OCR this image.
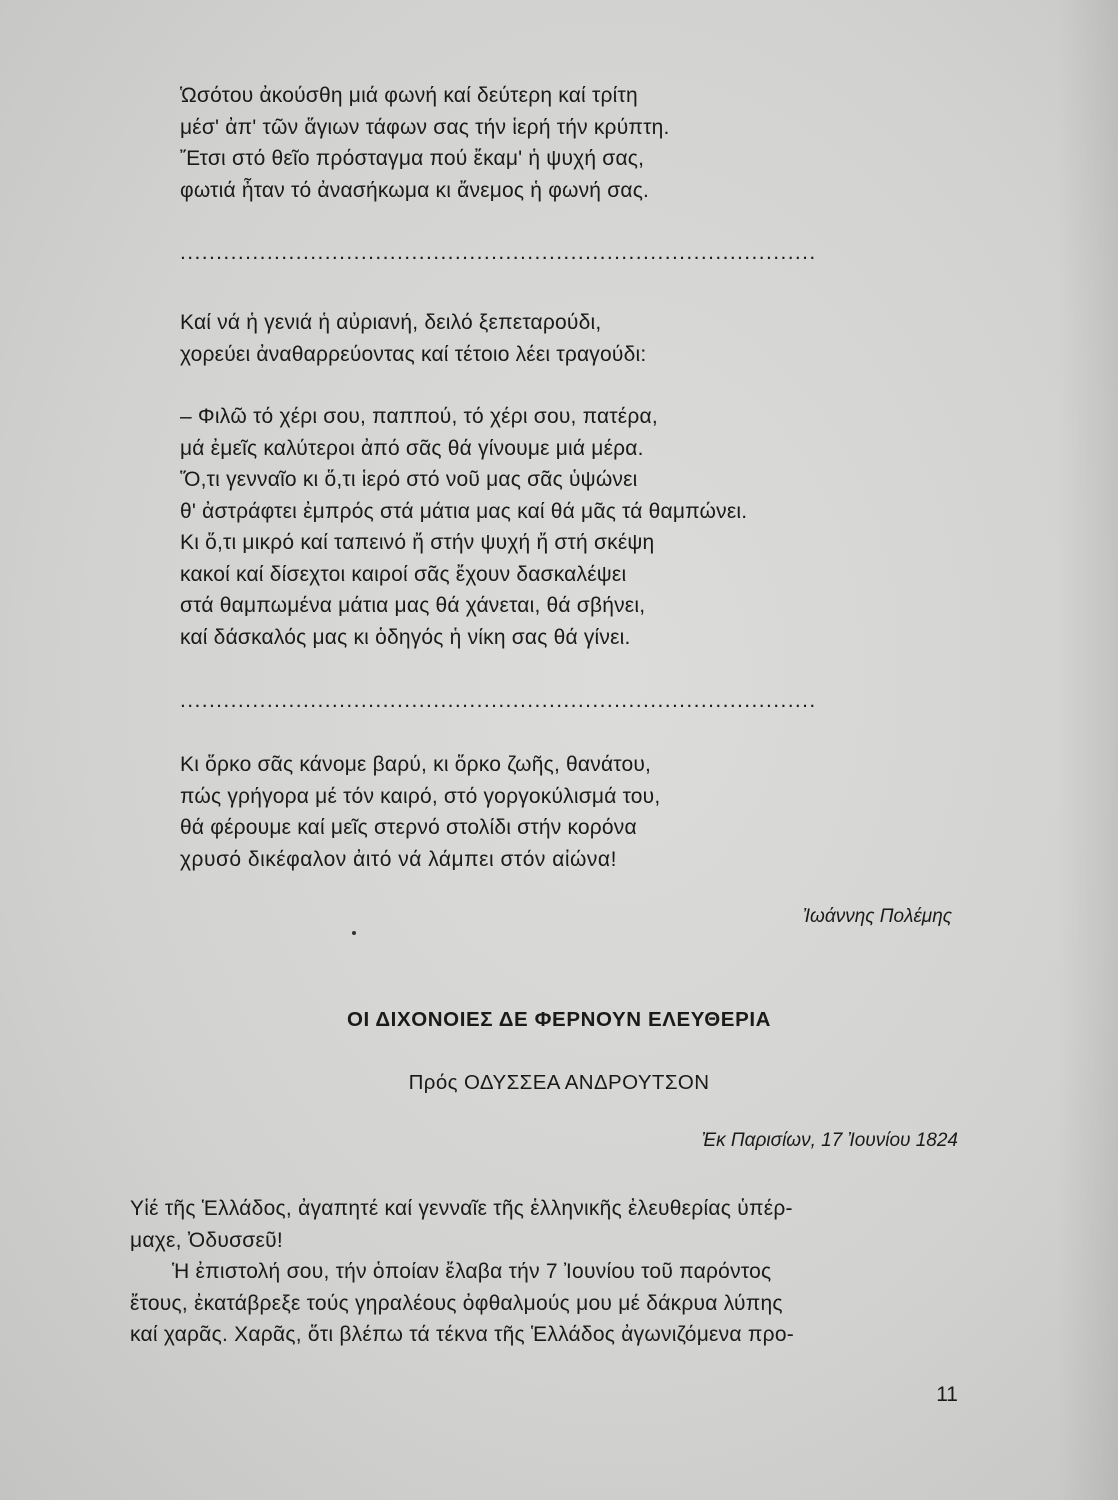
Ὡσότου ἀκούσθη μιά φωνή καί δεύτερη καί τρίτη
μέσ' ἀπ' τῶν ἅγιων τάφων σας τήν ἱερή τήν κρύπτη.
Ἔτσι στό θεῖο πρόσταγμα πού ἔκαμ' ἡ ψυχή σας,
φωτιά ἦταν τό ἀνασήκωμα κι ἄνεμος ἡ φωνή σας.
........................................................................................
Καί νά ἡ γενιά ἡ αὐριανή, δειλό ξεπεταρούδι,
χορεύει ἀναθαρρεύοντας καί τέτοιο λέει τραγούδι:
– Φιλῶ τό χέρι σου, παππού, τό χέρι σου, πατέρα,
μά ἐμεῖς καλύτεροι ἀπό σᾶς θά γίνουμε μιά μέρα.
Ὅ,τι γενναῖο κι ὅ,τι ἱερό στό νοῦ μας σᾶς ὑψώνει
θ' ἀστράφτει ἐμπρός στά μάτια μας καί θά μᾶς τά θαμπώνει.
Κι ὅ,τι μικρό καί ταπεινό ἤ στήν ψυχή ἤ στή σκέψη
κακοί καί δίσεχτοι καιροί σᾶς ἔχουν δασκαλέψει
στά θαμπωμένα μάτια μας θά χάνεται, θά σβήνει,
καί δάσκαλός μας κι ὁδηγός ἡ νίκη σας θά γίνει.
........................................................................................
Κι ὅρκο σᾶς κάνομε βαρύ, κι ὅρκο ζωῆς, θανάτου,
πώς γρήγορα μέ τόν καιρό, στό γοργοκύλισμά του,
θά φέρουμε καί μεῖς στερνό στολίδι στήν κορόνα
χρυσό δικέφαλον ἀιτό νά λάμπει στόν αἰώνα!
Ἰωάννης Πολέμης
ΟΙ ΔΙΧΟΝΟΙΕΣ ΔΕ ΦΕΡΝΟΥΝ ΕΛΕΥΘΕΡΙΑ
Πρός ΟΔΥΣΣΕΑ ΑΝΔΡΟΥΤΣΟΝ
Ἐκ Παρισίων, 17 Ἰουνίου 1824
Υἱέ τῆς Ἑλλάδος, ἀγαπητέ καί γενναῖε τῆς ἑλληνικῆς ἐλευθερίας ὑπέρ-
μαχε, Ὀδυσσεῦ!
Ἡ ἐπιστολή σου, τήν ὁποίαν ἔλαβα τήν 7 Ἰουνίου τοῦ παρόντος
ἔτους, ἐκατάβρεξε τούς γηραλέους ὀφθαλμούς μου μέ δάκρυα λύπης
καί χαρᾶς. Χαρᾶς, ὅτι βλέπω τά τέκνα τῆς Ἑλλάδος ἀγωνιζόμενα προ-
11
